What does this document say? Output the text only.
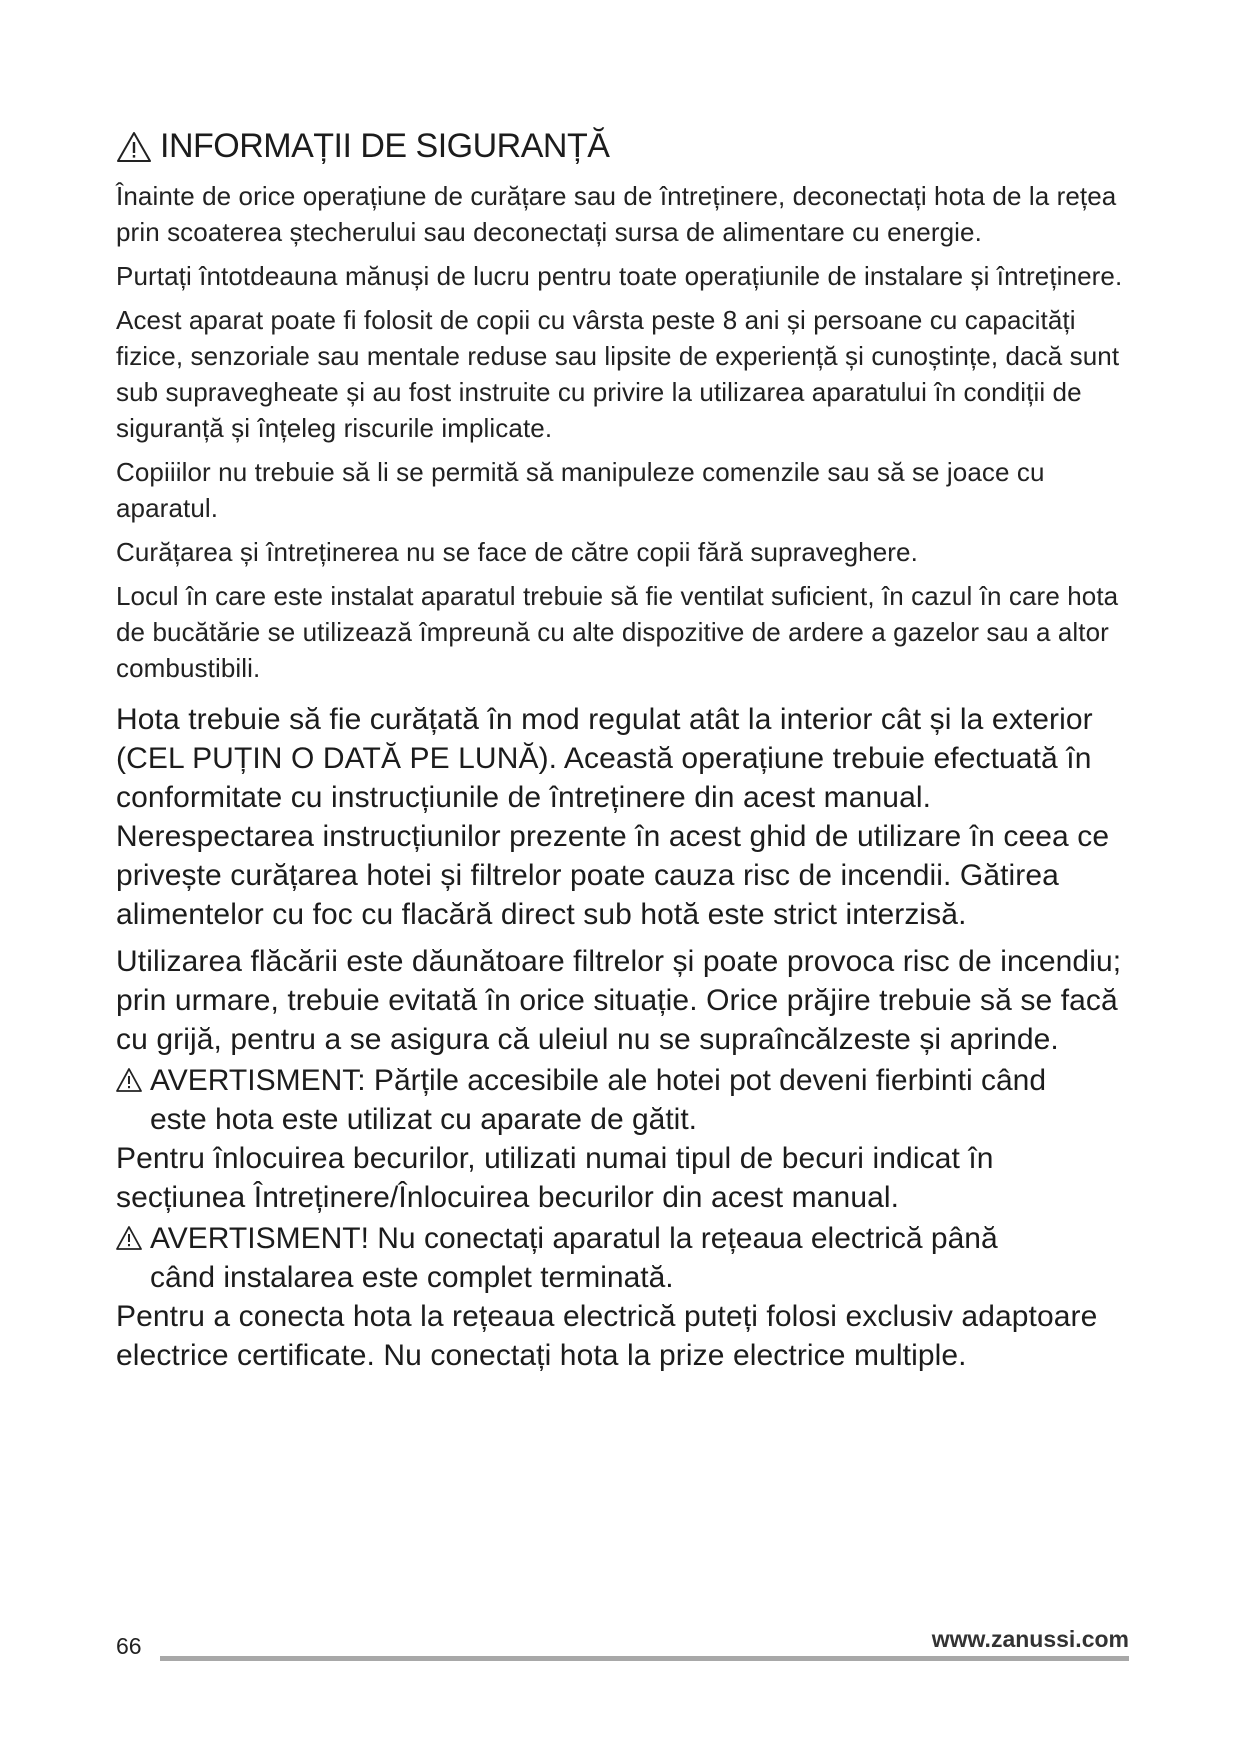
INFORMAȚII DE SIGURANȚĂ

Înainte de orice operațiune de curățare sau de întreținere, deconectați hota de la rețea prin scoaterea ștecherului sau deconectați sursa de alimentare cu energie.

Purtați întotdeauna mănuși de lucru pentru toate operațiunile de instalare și întreținere.

Acest aparat poate fi folosit de copii cu vârsta peste 8 ani și persoane cu capacități fizice, senzoriale sau mentale reduse sau lipsite de experiență și cunoștințe, dacă sunt sub supravegheate și au fost instruite cu privire la utilizarea aparatului în condiții de siguranță și înțeleg riscurile implicate.

Copiiilor nu trebuie să li se permită să manipuleze comenzile sau să se joace cu aparatul.

Curățarea și întreținerea nu se face de către copii fără supraveghere.

Locul în care este instalat aparatul trebuie să fie ventilat suficient, în cazul în care hota de bucătărie se utilizează împreună cu alte dispozitive de ardere a gazelor sau a altor combustibili.

Hota trebuie să fie curățată în mod regulat atât la interior cât și la exterior (CEL PUȚIN O DATĂ PE LUNĂ). Această operațiune trebuie efectuată în conformitate cu instrucțiunile de întreținere din acest manual. Nerespectarea instrucțiunilor prezente în acest ghid de utilizare în ceea ce privește curățarea hotei și filtrelor poate cauza risc de incendii. Gătirea alimentelor cu foc cu flacără direct sub hotă este strict interzisă.

Utilizarea flăcării este dăunătoare filtrelor și poate provoca risc de incendiu; prin urmare, trebuie evitată în orice situație. Orice prăjire trebuie să se facă cu grijă, pentru a se asigura că uleiul nu se supraîncălzeste și aprinde.

AVERTISMENT: Părțile accesibile ale hotei pot deveni fierbinti când
este hota este utilizat cu aparate de gătit.

Pentru înlocuirea becurilor, utilizati numai tipul de becuri indicat în secțiunea Întreținere/Înlocuirea becurilor din acest manual.

AVERTISMENT! Nu conectați aparatul la rețeaua electrică până
când instalarea este complet terminată.

Pentru a conecta hota la rețeaua electrică puteți folosi exclusiv adaptoare electrice certificate. Nu conectați hota la prize electrice multiple.

66	www.zanussi.com
